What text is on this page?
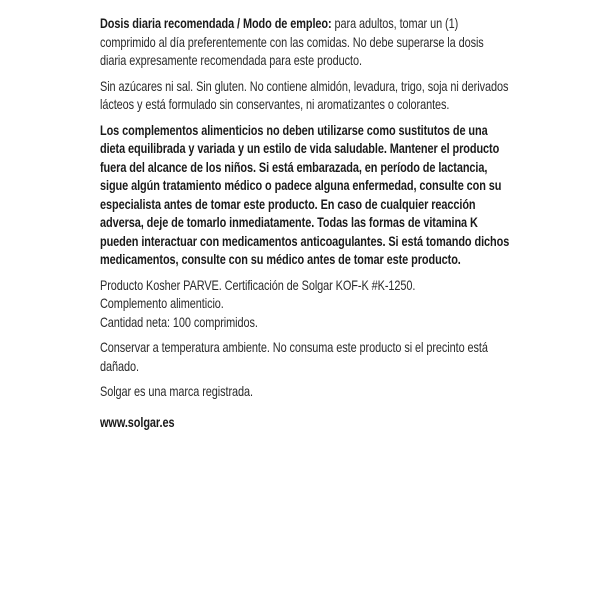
Dosis diaria recomendada / Modo de empleo: para adultos, tomar un (1) comprimido al día preferentemente con las comidas. No debe superarse la dosis diaria expresamente recomendada para este producto.

Sin azúcares ni sal. Sin gluten. No contiene almidón, levadura, trigo, soja ni derivados lácteos y está formulado sin conservantes, ni aromatizantes o colorantes.

Los complementos alimenticios no deben utilizarse como sustitutos de una dieta equilibrada y variada y un estilo de vida saludable. Mantener el producto fuera del alcance de los niños. Si está embarazada, en período de lactancia, sigue algún tratamiento médico o padece alguna enfermedad, consulte con su especialista antes de tomar este producto. En caso de cualquier reacción adversa, deje de tomarlo inmediatamente. Todas las formas de vitamina K pueden interactuar con medicamentos anticoagulantes. Si está tomando dichos medicamentos, consulte con su médico antes de tomar este producto.

Producto Kosher PARVE. Certificación de Solgar KOF-K #K-1250.

Complemento alimenticio.

Cantidad neta: 100 comprimidos.

Conservar a temperatura ambiente. No consuma este producto si el precinto está dañado.

Solgar es una marca registrada.

www.solgar.es
